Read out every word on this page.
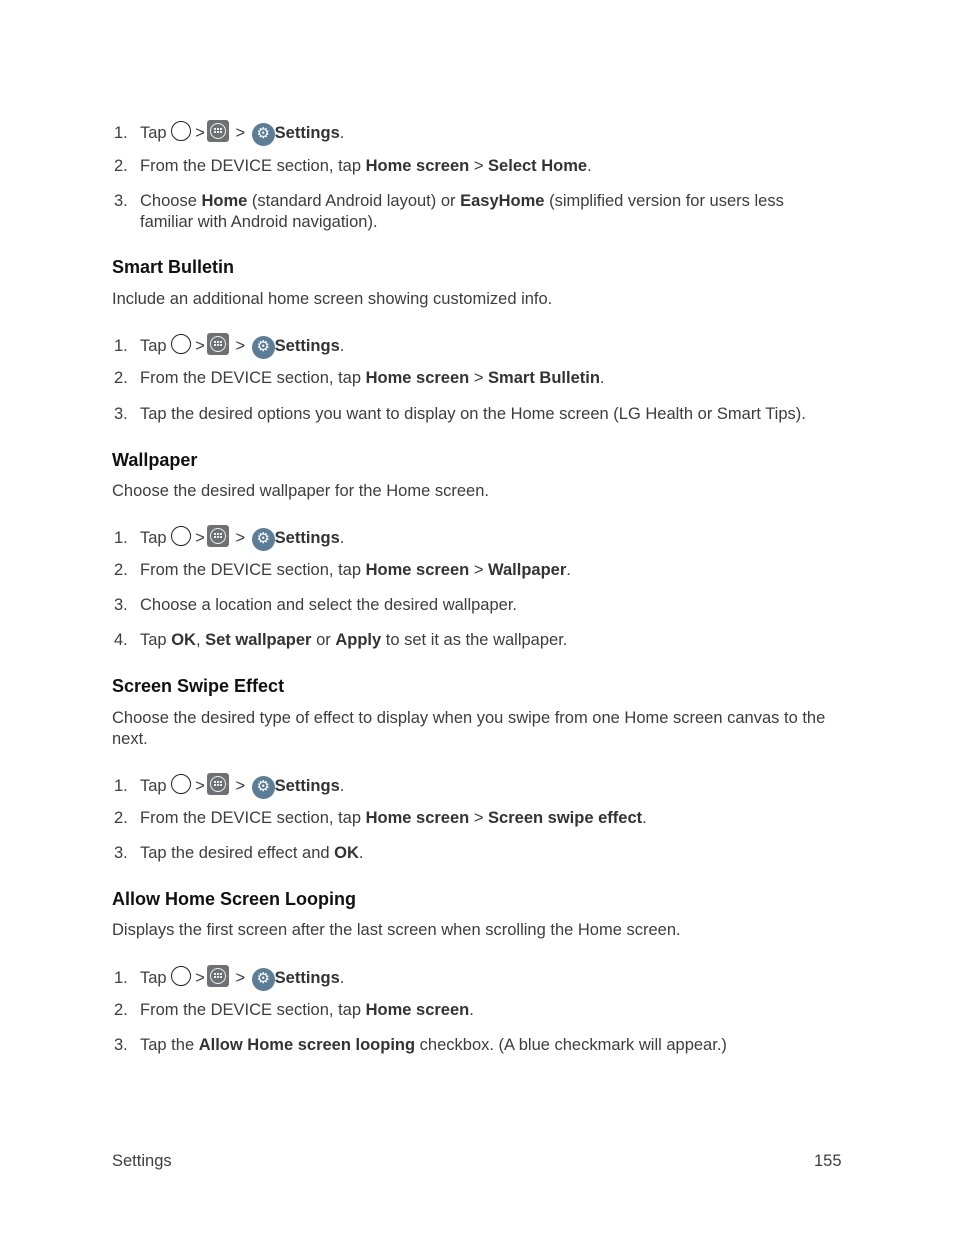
1. Tap > > ⚙ Settings.
2. From the DEVICE section, tap Home screen > Select Home.
3. Choose Home (standard Android layout) or EasyHome (simplified version for users less
familiar with Android navigation).
Smart Bulletin
Include an additional home screen showing customized info.
1. Tap > > ⚙ Settings.
2. From the DEVICE section, tap Home screen > Smart Bulletin.
3. Tap the desired options you want to display on the Home screen (LG Health or Smart Tips).
Wallpaper
Choose the desired wallpaper for the Home screen.
1. Tap > > ⚙ Settings.
2. From the DEVICE section, tap Home screen > Wallpaper.
3. Choose a location and select the desired wallpaper.
4. Tap OK, Set wallpaper or Apply to set it as the wallpaper.
Screen Swipe Effect
Choose the desired type of effect to display when you swipe from one Home screen canvas to the
next.
1. Tap > > ⚙ Settings.
2. From the DEVICE section, tap Home screen > Screen swipe effect.
3. Tap the desired effect and OK.
Allow Home Screen Looping
Displays the first screen after the last screen when scrolling the Home screen.
1. Tap > > ⚙ Settings.
2. From the DEVICE section, tap Home screen.
3. Tap the Allow Home screen looping checkbox. (A blue checkmark will appear.)
Settings	155
